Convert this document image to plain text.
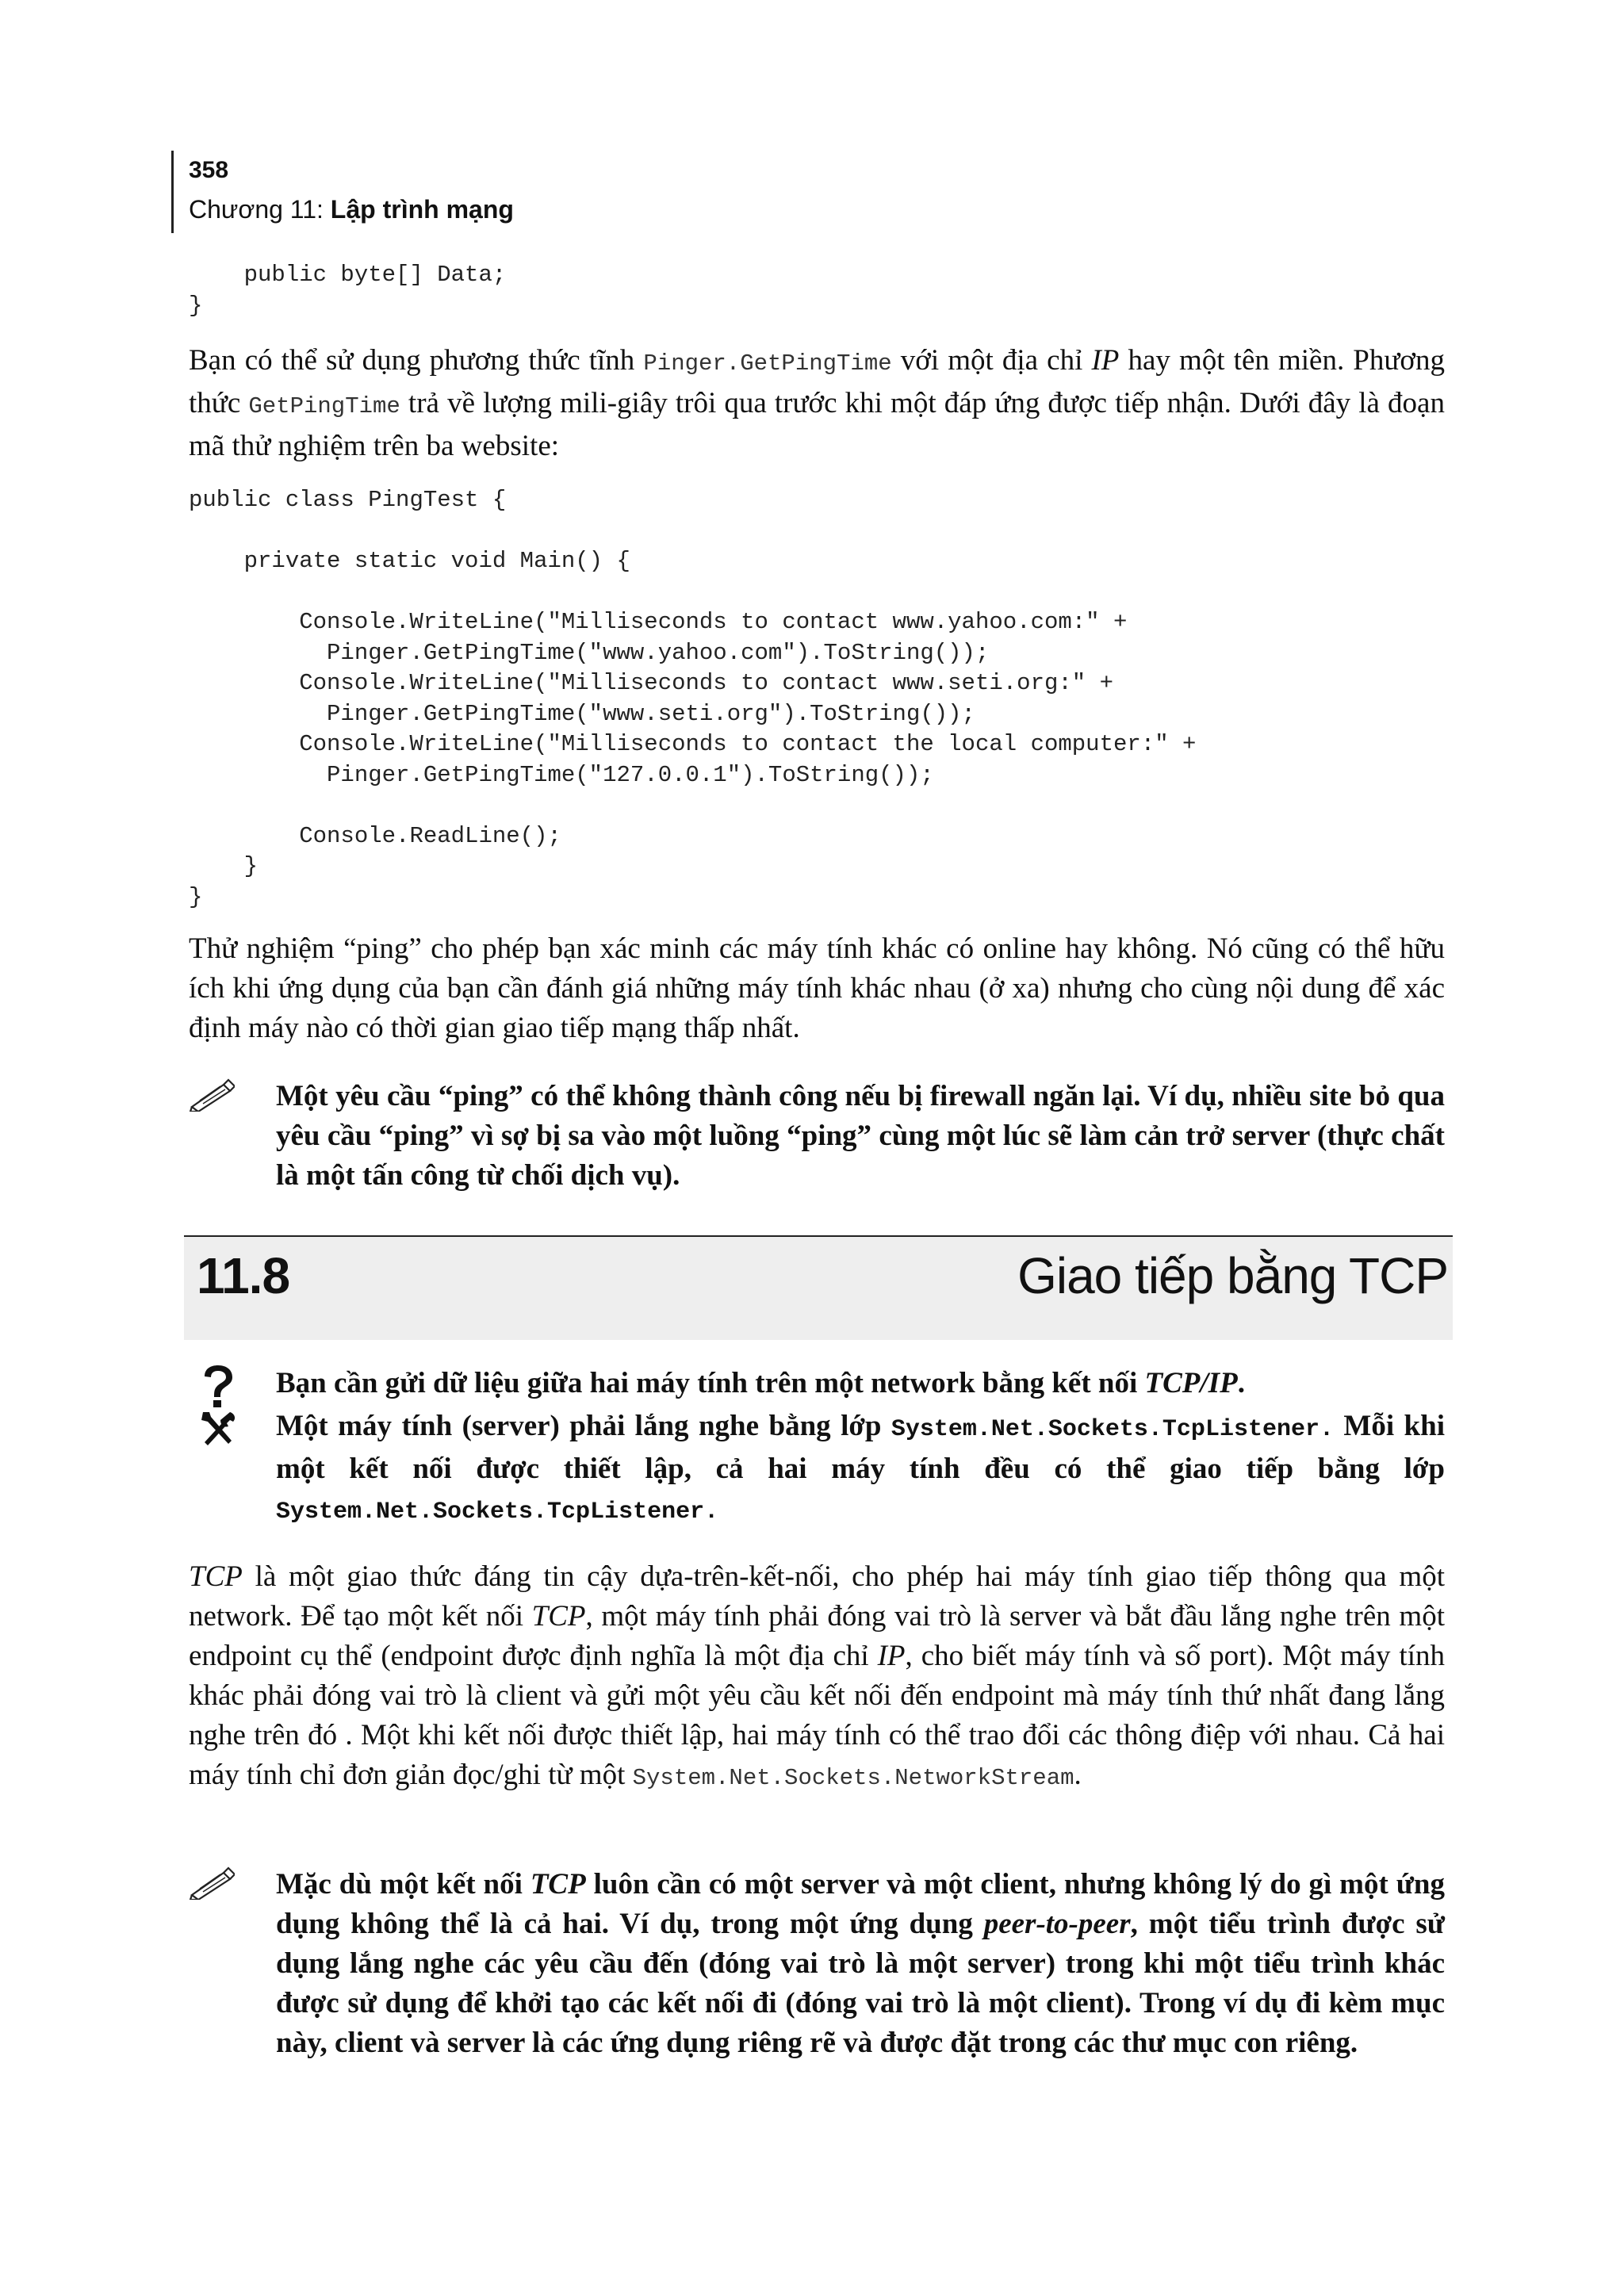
358
Chương 11: Lập trình mạng
public byte[] Data;
}

Bạn có thể sử dụng phương thức tĩnh Pinger.GetPingTime với một địa chỉ IP hay một tên miền. Phương thức GetPingTime trả về lượng mili-giây trôi qua trước khi một đáp ứng được tiếp nhận. Dưới đây là đoạn mã thử nghiệm trên ba website:

public class PingTest {

private static void Main() {

Console.WriteLine("Milliseconds to contact www.yahoo.com:" +
Pinger.GetPingTime("www.yahoo.com").ToString());
Console.WriteLine("Milliseconds to contact www.seti.org:" +
Pinger.GetPingTime("www.seti.org").ToString());
Console.WriteLine("Milliseconds to contact the local computer:" +
Pinger.GetPingTime("127.0.0.1").ToString());

Console.ReadLine();
}
}

Thử nghiệm “ping” cho phép bạn xác minh các máy tính khác có online hay không. Nó cũng có thể hữu ích khi ứng dụng của bạn cần đánh giá những máy tính khác nhau (ở xa) nhưng cho cùng nội dung để xác định máy nào có thời gian giao tiếp mạng thấp nhất.

Một yêu cầu “ping” có thể không thành công nếu bị firewall ngăn lại. Ví dụ, nhiều site bỏ qua yêu cầu “ping” vì sợ bị sa vào một luồng “ping” cùng một lúc sẽ làm cản trở server (thực chất là một tấn công từ chối dịch vụ).
11.8	Giao tiếp bằng TCP
Bạn cần gửi dữ liệu giữa hai máy tính trên một network bằng kết nối TCP/IP.
Một máy tính (server) phải lắng nghe bằng lớp System.Net.Sockets.TcpListener. Mỗi khi một kết nối được thiết lập, cả hai máy tính đều có thể giao tiếp bằng lớp System.Net.Sockets.TcpListener.

TCP là một giao thức đáng tin cậy dựa-trên-kết-nối, cho phép hai máy tính giao tiếp thông qua một network. Để tạo một kết nối TCP, một máy tính phải đóng vai trò là server và bắt đầu lắng nghe trên một endpoint cụ thể (endpoint được định nghĩa là một địa chỉ IP, cho biết máy tính và số port). Một máy tính khác phải đóng vai trò là client và gửi một yêu cầu kết nối đến endpoint mà máy tính thứ nhất đang lắng nghe trên đó . Một khi kết nối được thiết lập, hai máy tính có thể trao đổi các thông điệp với nhau. Cả hai máy tính chỉ đơn giản đọc/ghi từ một System.Net.Sockets.NetworkStream.

Mặc dù một kết nối TCP luôn cần có một server và một client, nhưng không lý do gì một ứng dụng không thể là cả hai. Ví dụ, trong một ứng dụng peer-to-peer, một tiểu trình được sử dụng lắng nghe các yêu cầu đến (đóng vai trò là một server) trong khi một tiểu trình khác được sử dụng để khởi tạo các kết nối đi (đóng vai trò là một client). Trong ví dụ đi kèm mục này, client và server là các ứng dụng riêng rẽ và được đặt trong các thư mục con riêng.
